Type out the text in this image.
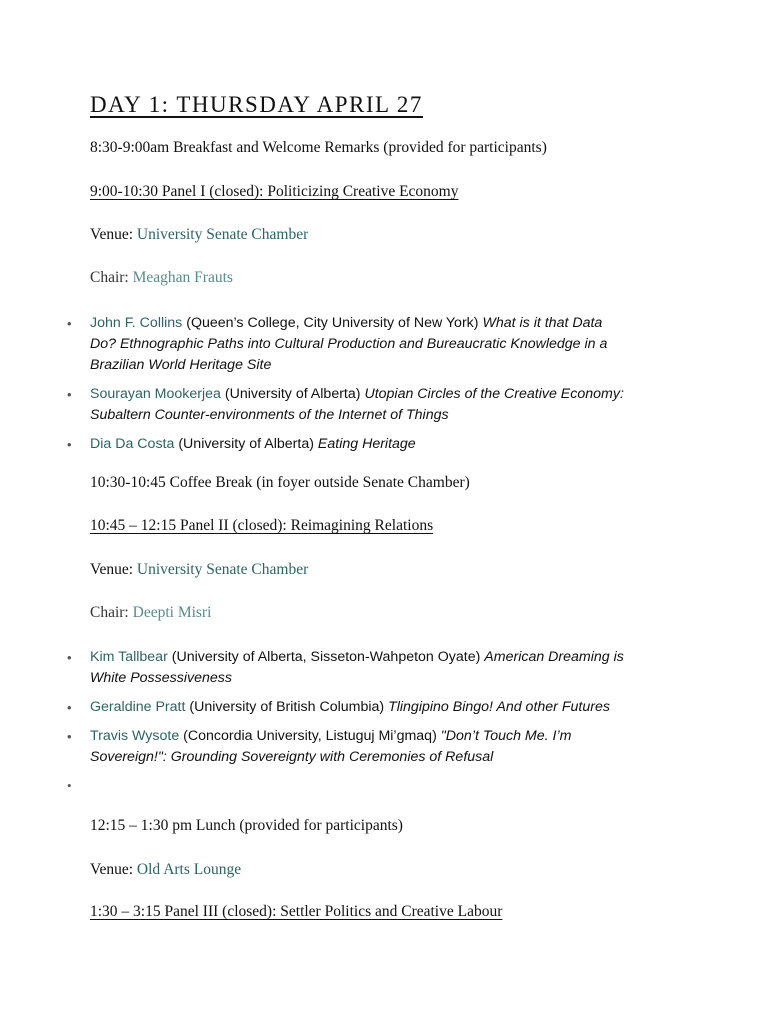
DAY 1: THURSDAY APRIL 27
8:30-9:00am Breakfast and Welcome Remarks (provided for participants)
9:00-10:30 Panel I (closed): Politicizing Creative Economy
Venue: University Senate Chamber
Chair: Meaghan Frauts
• John F. Collins (Queen’s College, City University of New York) What is it that Data
Do? Ethnographic Paths into Cultural Production and Bureaucratic Knowledge in a
Brazilian World Heritage Site
• Sourayan Mookerjea (University of Alberta) Utopian Circles of the Creative Economy:
Subaltern Counter-environments of the Internet of Things
• Dia Da Costa (University of Alberta) Eating Heritage
10:30-10:45 Coffee Break (in foyer outside Senate Chamber)
10:45 – 12:15 Panel II (closed): Reimagining Relations
Venue: University Senate Chamber
Chair: Deepti Misri
• Kim Tallbear (University of Alberta, Sisseton-Wahpeton Oyate) American Dreaming is
White Possessiveness
• Geraldine Pratt (University of British Columbia) Tlingipino Bingo! And other Futures
• Travis Wysote (Concordia University, Listuguj Mi’gmaq) "Don’t Touch Me. I’m
Sovereign!": Grounding Sovereignty with Ceremonies of Refusal
•
12:15 – 1:30 pm Lunch (provided for participants)
Venue: Old Arts Lounge
1:30 – 3:15 Panel III (closed): Settler Politics and Creative Labour
